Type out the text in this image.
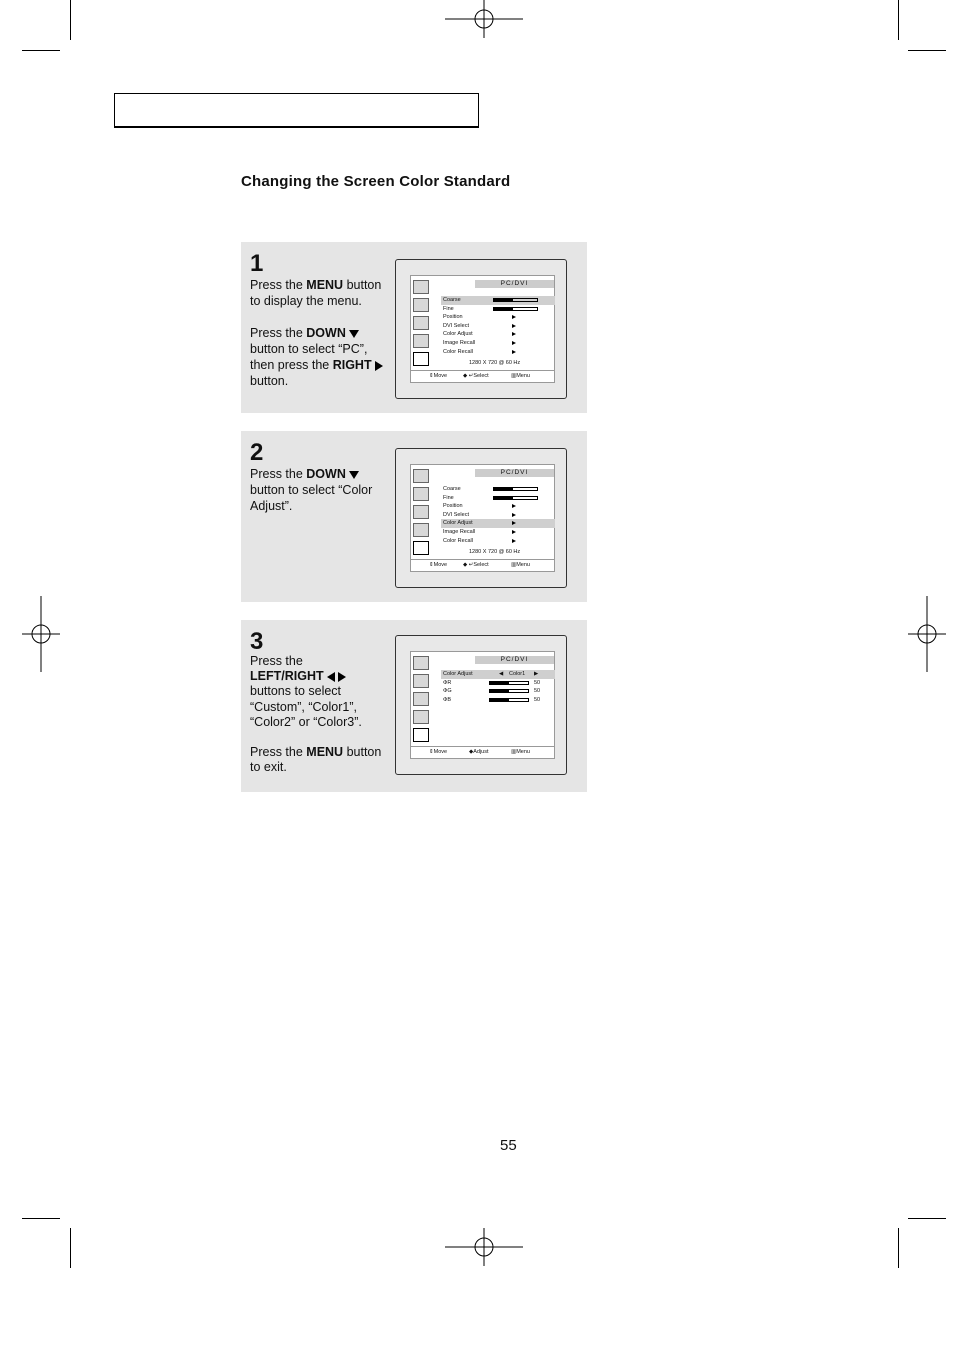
Changing the Screen Color Standard
1

Press the MENU button to display the menu.

Press the DOWN button to select “PC”, then press the RIGHT button.

PC/DVI
Coarse
Fine
Position
DVI Select
Color Adjust
Image Recall
Color Recall
1280 X 720 @ 60 Hz
⇕ Move	◆ ↵ Select	▥ Menu
2

Press the DOWN button to select “Color Adjust”.

PC/DVI
Coarse
Fine
Position
DVI Select
Color Adjust
Image Recall
Color Recall
1280 X 720 @ 60 Hz
⇕ Move	◆ ↵ Select	▥ Menu
3

Press the
LEFT/RIGHT buttons to select “Custom”, “Color1”, “Color2” or “Color3”.

Press the MENU button to exit.

PC/DVI
Color Adjust	◀ Color1 ▶
ΦR	50
ΦG	50
ΦB	50
⇕ Move	◆ Adjust	▥ Menu
55
